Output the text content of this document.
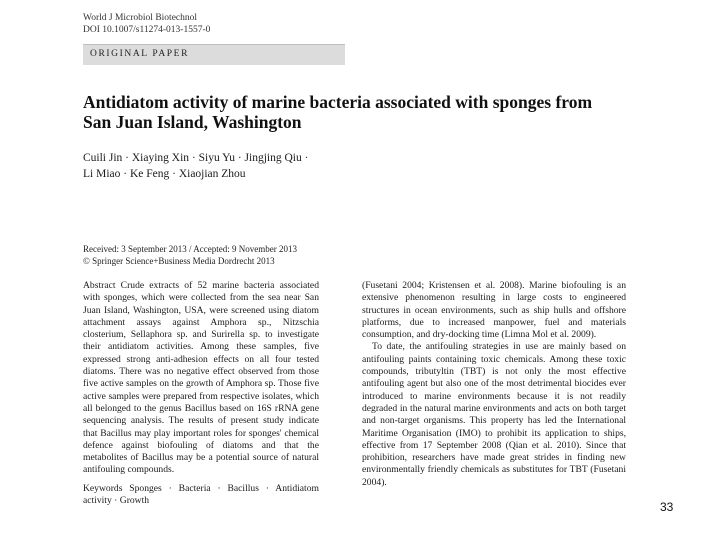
World J Microbiol Biotechnol
DOI 10.1007/s11274-013-1557-0
ORIGINAL PAPER
Antidiatom activity of marine bacteria associated with sponges from San Juan Island, Washington
Cuili Jin · Xiaying Xin · Siyu Yu · Jingjing Qiu ·
Li Miao · Ke Feng · Xiaojian Zhou
Received: 3 September 2013 / Accepted: 9 November 2013
© Springer Science+Business Media Dordrecht 2013

Abstract Crude extracts of 52 marine bacteria associated with sponges, which were collected from the sea near San Juan Island, Washington, USA, were screened using diatom attachment assays against Amphora sp., Nitzschia closterium, Sellaphora sp. and Surirella sp. to investigate their antidiatom activities. Among these samples, five expressed strong anti-adhesion effects on all four tested diatoms. There was no negative effect observed from those five active samples on the growth of Amphora sp. Those five active samples were prepared from respective isolates, which all belonged to the genus Bacillus based on 16S rRNA gene sequencing analysis. The results of present study indicate that Bacillus may play important roles for sponges' chemical defence against biofouling of diatoms and that the metabolites of Bacillus may be a potential source of natural antifouling compounds.

Keywords Sponges · Bacteria · Bacillus · Antidiatom activity · Growth

(Fusetani 2004; Kristensen et al. 2008). Marine biofouling is an extensive phenomenon resulting in large costs to engineered structures in ocean environments, such as ship hulls and offshore platforms, due to increased manpower, fuel and materials consumption, and dry-docking time (Limna Mol et al. 2009).

To date, the antifouling strategies in use are mainly based on antifouling paints containing toxic chemicals. Among these toxic compounds, tributyltin (TBT) is not only the most effective antifouling agent but also one of the most detrimental biocides ever introduced to marine environments because it is not readily degraded in the natural marine environments and acts on both target and non-target organisms. This property has led the International Maritime Organisation (IMO) to prohibit its application to ships, effective from 17 September 2008 (Qian et al. 2010). Since that prohibition, researchers have made great strides in finding new environmentally friendly chemicals as substitutes for TBT (Fusetani 2004).

33
